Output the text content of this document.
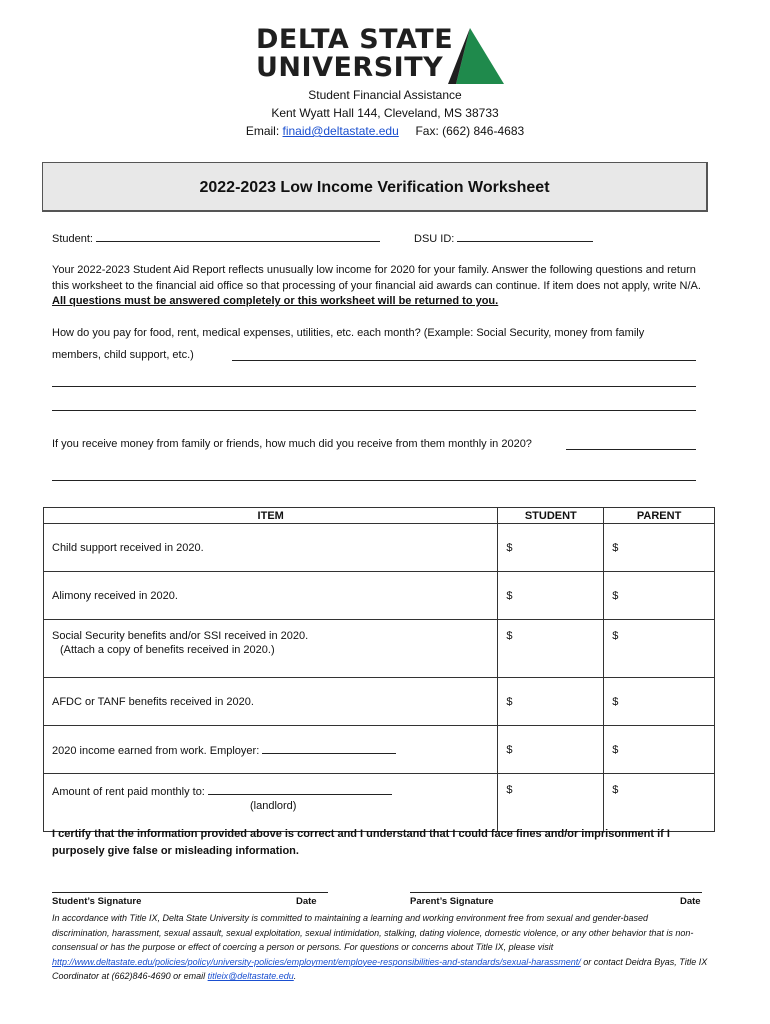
DELTA STATE
UNIVERSITY
Student Financial Assistance
Kent Wyatt Hall 144, Cleveland, MS 38733
Email: finaid@deltastate.edu Fax: (662) 846-4683
2022-2023 Low Income Verification Worksheet
Student:	DSU ID:
Your 2022-2023 Student Aid Report reflects unusually low income for 2020 for your family. Answer the following questions and return this worksheet to the financial aid office so that processing of your financial aid awards can continue. If item does not apply, write N/A. All questions must be answered completely or this worksheet will be returned to you.
How do you pay for food, rent, medical expenses, utilities, etc. each month? (Example: Social Security, money from family
members, child support, etc.)
If you receive money from family or friends, how much did you receive from them monthly in 2020?
ITEM	STUDENT	PARENT
Child support received in 2020.	$	$
Alimony received in 2020.	$	$

Social Security benefits and/or SSI received in 2020.
(Attach a copy of benefits received in 2020.)	$	$
AFDC or TANF benefits received in 2020.	$	$
2020 income earned from work. Employer:	$	$

Amount of rent paid monthly to:
(landlord)	$	$
I certify that the information provided above is correct and I understand that I could face fines and/or imprisonment if I purposely give false or misleading information.
Student’s Signature	Date	Parent’s Signature	Date
In accordance with Title IX, Delta State University is committed to maintaining a learning and working environment free from sexual and gender-based discrimination, harassment, sexual assault, sexual exploitation, sexual intimidation, stalking, dating violence, domestic violence, or any other behavior that is non-consensual or has the purpose or effect of coercing a person or persons. For questions or concerns about Title IX, please visit http://www.deltastate.edu/policies/policy/university-policies/employment/employee-responsibilities-and-standards/sexual-harassment/ or contact Deidra Byas, Title IX Coordinator at (662)846-4690 or email titleix@deltastate.edu.
